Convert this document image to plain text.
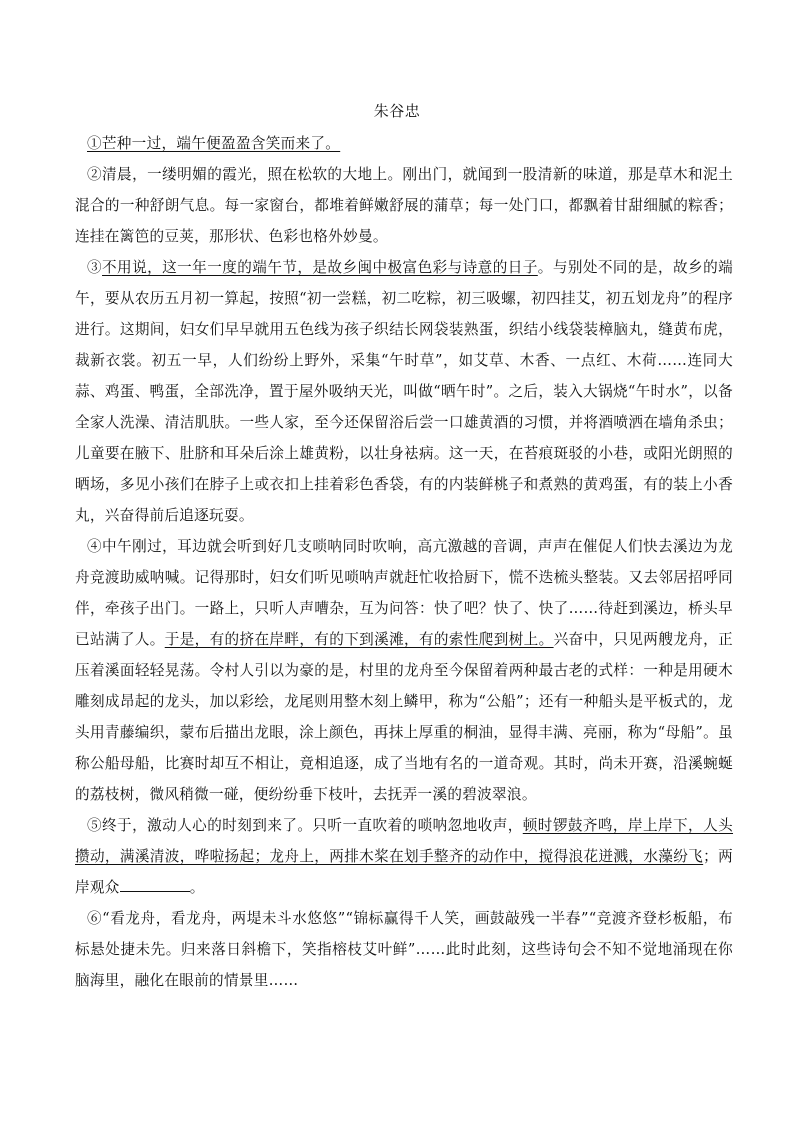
朱谷忠

①芒种一过，端午便盈盈含笑而来了。

②清晨，一缕明媚的霞光，照在松软的大地上。刚出门，就闻到一股清新的味道，那是草木和泥土混合的一种舒朗气息。每一家窗台，都堆着鲜嫩舒展的蒲草；每一处门口，都飘着甘甜细腻的粽香；连挂在篱笆的豆荚，那形状、色彩也格外妙曼。

③不用说，这一年一度的端午节，是故乡闽中极富色彩与诗意的日子。与别处不同的是，故乡的端午，要从农历五月初一算起，按照“初一尝糕，初二吃粽，初三吸螺，初四挂艾，初五划龙舟”的程序进行。这期间，妇女们早早就用五色线为孩子织结长网袋装熟蛋，织结小线袋装樟脑丸，缝黄布虎，裁新衣裳。初五一早，人们纷纷上野外，采集“午时草”，如艾草、木香、一点红、木荷……连同大蒜、鸡蛋、鸭蛋，全部洗净，置于屋外吸纳天光，叫做“晒午时”。之后，装入大锅烧“午时水”，以备全家人洗澡、清洁肌肤。一些人家，至今还保留浴后尝一口雄黄酒的习惯，并将酒喷洒在墙角杀虫；儿童要在腋下、肚脐和耳朵后涂上雄黄粉，以壮身袪病。这一天，在苔痕斑驳的小巷，或阳光朗照的晒场，多见小孩们在脖子上或衣扣上挂着彩色香袋，有的内装鲜桃子和煮熟的黄鸡蛋，有的装上小香丸，兴奋得前后追逐玩耍。

④中午刚过，耳边就会听到好几支唢呐同时吹响，高亢激越的音调，声声在催促人们快去溪边为龙舟竞渡助威呐喊。记得那时，妇女们听见唢呐声就赶忙收拾厨下，慌不迭梳头整装。又去邻居招呼同伴，牵孩子出门。一路上，只听人声嘈杂，互为问答：快了吧？快了、快了……待赶到溪边，桥头早已站满了人。于是，有的挤在岸畔，有的下到溪滩，有的索性爬到树上。兴奋中，只见两艘龙舟，正压着溪面轻轻晃荡。令村人引以为豪的是，村里的龙舟至今保留着两种最古老的式样：一种是用硬木雕刻成昂起的龙头，加以彩绘，龙尾则用整木刻上鳞甲，称为“公船”；还有一种船头是平板式的，龙头用青藤编织，蒙布后描出龙眼，涂上颜色，再抹上厚重的桐油，显得丰满、亮丽，称为“母船”。虽称公船母船，比赛时却互不相让，竟相追逐，成了当地有名的一道奇观。其时，尚未开赛，沿溪蜿蜒的荔枝树，微风稍微一碰，便纷纷垂下枝叶，去抚弄一溪的碧波翠浪。

⑤终于，激动人心的时刻到来了。只听一直吹着的唢呐忽地收声，顿时锣鼓齐鸣，岸上岸下，人头攒动，满溪清波，哗啦扬起；龙舟上，两排木桨在划手整齐的动作中，搅得浪花迸溅，水藻纷飞；两岸观众	。

⑥“看龙舟，看龙舟，两堤未斗水悠悠”“锦标赢得千人笑，画鼓敲残一半春”“竞渡齐登杉板船，布标悬处捷未先。归来落日斜檐下，笑指榕枝艾叶鲜”……此时此刻，这些诗句会不知不觉地涌现在你脑海里，融化在眼前的情景里……
